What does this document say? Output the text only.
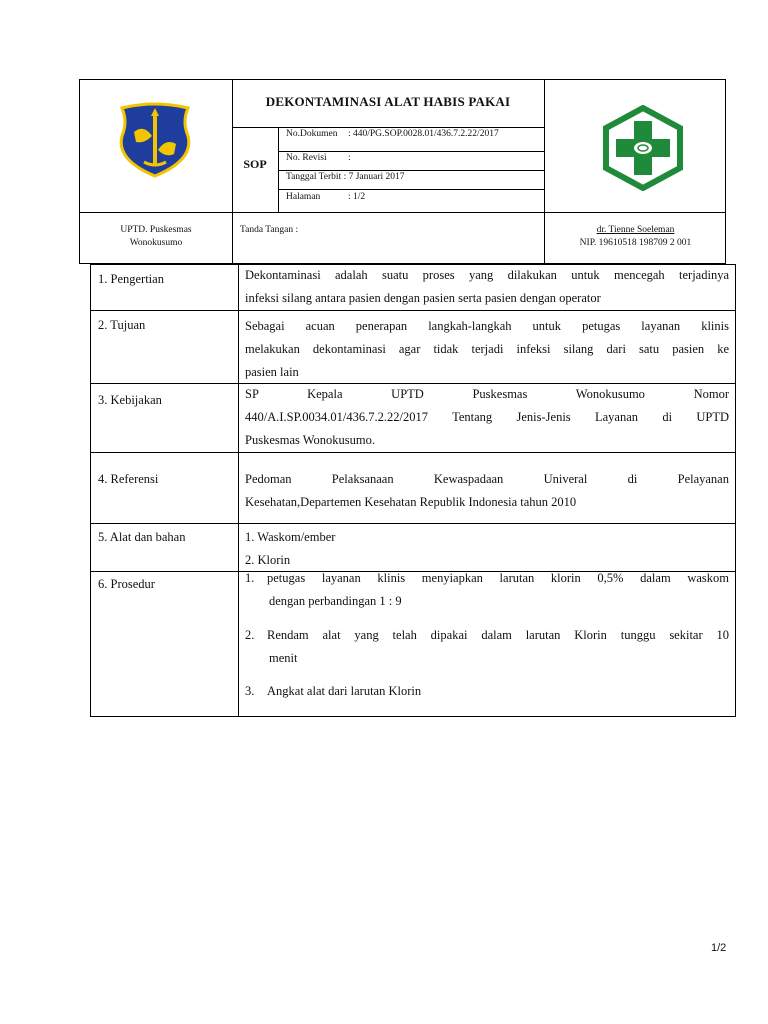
DEKONTAMINASI ALAT HABIS PAKAI
SOP
No.Dokumen : 440/PG.SOP.0028.01/436.7.2.22/2017
No. Revisi :
Tanggal Terbit : 7 Januari 2017
Halaman	: 1/2
UPTD. Puskesmas
Wonokusumo
Tanda Tangan :	dr. Tienne Soeleman
NIP. 19610518 198709 2 001
1. Pengertian	Dekontaminasi adalah suatu proses yang dilakukan untuk mencegah terjadinya
infeksi silang antara pasien dengan pasien serta pasien dengan operator
2. Tujuan	Sebagai acuan penerapan langkah-langkah untuk petugas layanan klinis
melakukan dekontaminasi agar tidak terjadi infeksi silang dari satu pasien ke
pasien lain
3. Kebijakan	SP Kepala UPTD Puskesmas Wonokusumo Nomor
440/A.I.SP.0034.01/436.7.2.22/2017 Tentang Jenis-Jenis Layanan di UPTD
Puskesmas Wonokusumo.
4. Referensi	Pedoman Pelaksanaan Kewaspadaan Univeral di Pelayanan
Kesehatan,Departemen Kesehatan Republik Indonesia tahun 2010
5. Alat dan bahan	1. Waskom/ember
2. Klorin
6. Prosedur	1.	petugas layanan klinis menyiapkan larutan klorin 0,5% dalam waskom
dengan perbandingan 1 : 9
2.	Rendam alat yang telah dipakai dalam larutan Klorin tunggu sekitar 10
menit
3.	Angkat alat dari larutan Klorin
1/2
